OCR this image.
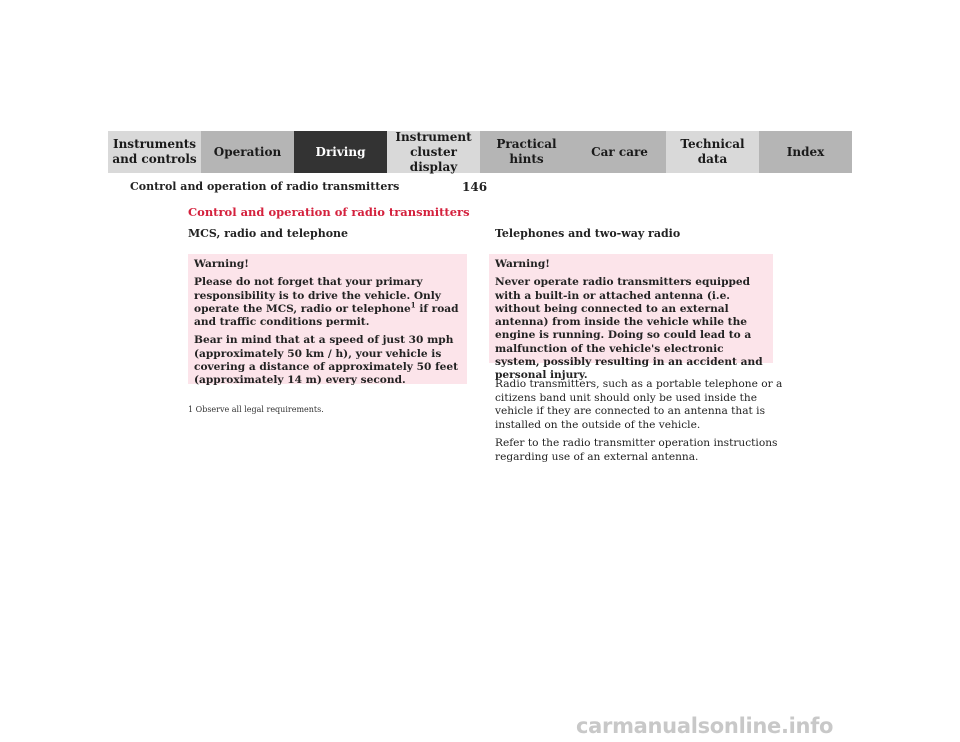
Instruments
and controls
Operation	Driving
Instrument
cluster display
Practical hints
Car care
Technical
data
Index
Control and operation of radio transmitters	146
Control and operation of radio transmitters
MCS, radio and telephone

Warning!

Please do not forget that your primary responsibility is to drive the vehicle. Only operate the MCS, radio or telephone$^1$ if road and traffic conditions permit.

Bear in mind that at a speed of just 30 mph (approximately 50 km / h), your vehicle is covering a distance of approximately 50 feet (approximately 14 m) every second.

1 Observe all legal requirements.
Telephones and two-way radio

Warning!

Never operate radio transmitters equipped with a built-in or attached antenna (i.e. without being connected to an external antenna) from inside the vehicle while the engine is running. Doing so could lead to a malfunction of the vehicle's electronic system, possibly resulting in an accident and personal injury.

Radio transmitters, such as a portable telephone or a citizens band unit should only be used inside the vehicle if they are connected to an antenna that is installed on the outside of the vehicle.

Refer to the radio transmitter operation instructions regarding use of an external antenna.

carmanualsonline.info
